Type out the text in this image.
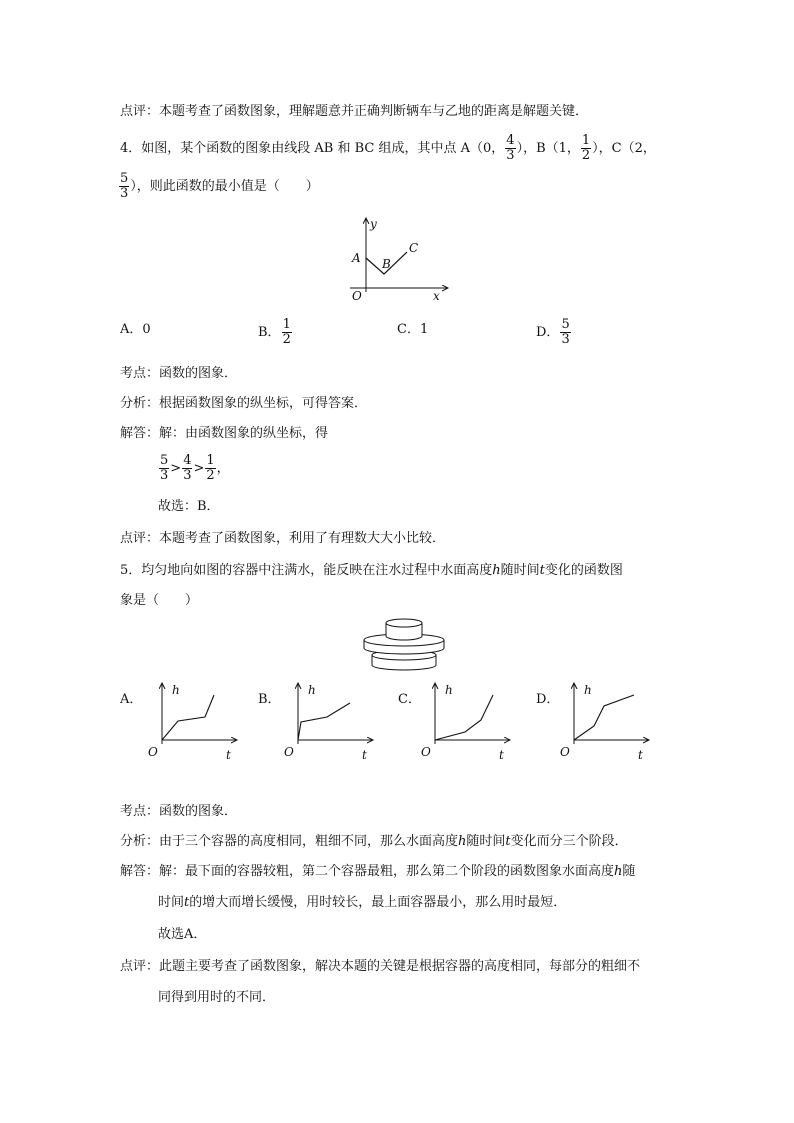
点评：本题考查了函数图象，理解题意并正确判断辆车与乙地的距离是解题关键．
4．如图，某个函数的图象由线段 AB 和 BC 组成，其中点 A（0， $\frac{4}{3}$ ），B（1， $\frac{1}{2}$ ），C（2，
$\frac{5}{3}$ ），则此函数的最小值是（　　）
y
x
O
A B
C
A．0	B． $\frac{1}{2}$	C．1	D． $\frac{5}{3}$
考点：函数的图象．
分析：根据函数图象的纵坐标，可得答案．
解答：解：由函数图象的纵坐标，得
$\frac{5}{3} > \frac{4}{3} > \frac{1}{2}$ ，
故选：B．
点评：本题考查了函数图象，利用了有理数大大小比较．
5．均匀地向如图的容器中注满水，能反映在注水过程中水面高度h随时间t变化的函数图
象是（　　）
A．	B．	C．	D．
h
t
O
h
t
O
h
t
O
h
t
O
考点：函数的图象．
分析：由于三个容器的高度相同，粗细不同，那么水面高度h随时间t变化而分三个阶段．
解答：解：最下面的容器较粗，第二个容器最粗，那么第二个阶段的函数图象水面高度h随
时间t的增大而增长缓慢，用时较长，最上面容器最小，那么用时最短．
故选A．
点评：此题主要考查了函数图象，解决本题的关键是根据容器的高度相同，每部分的粗细不
同得到用时的不同．
